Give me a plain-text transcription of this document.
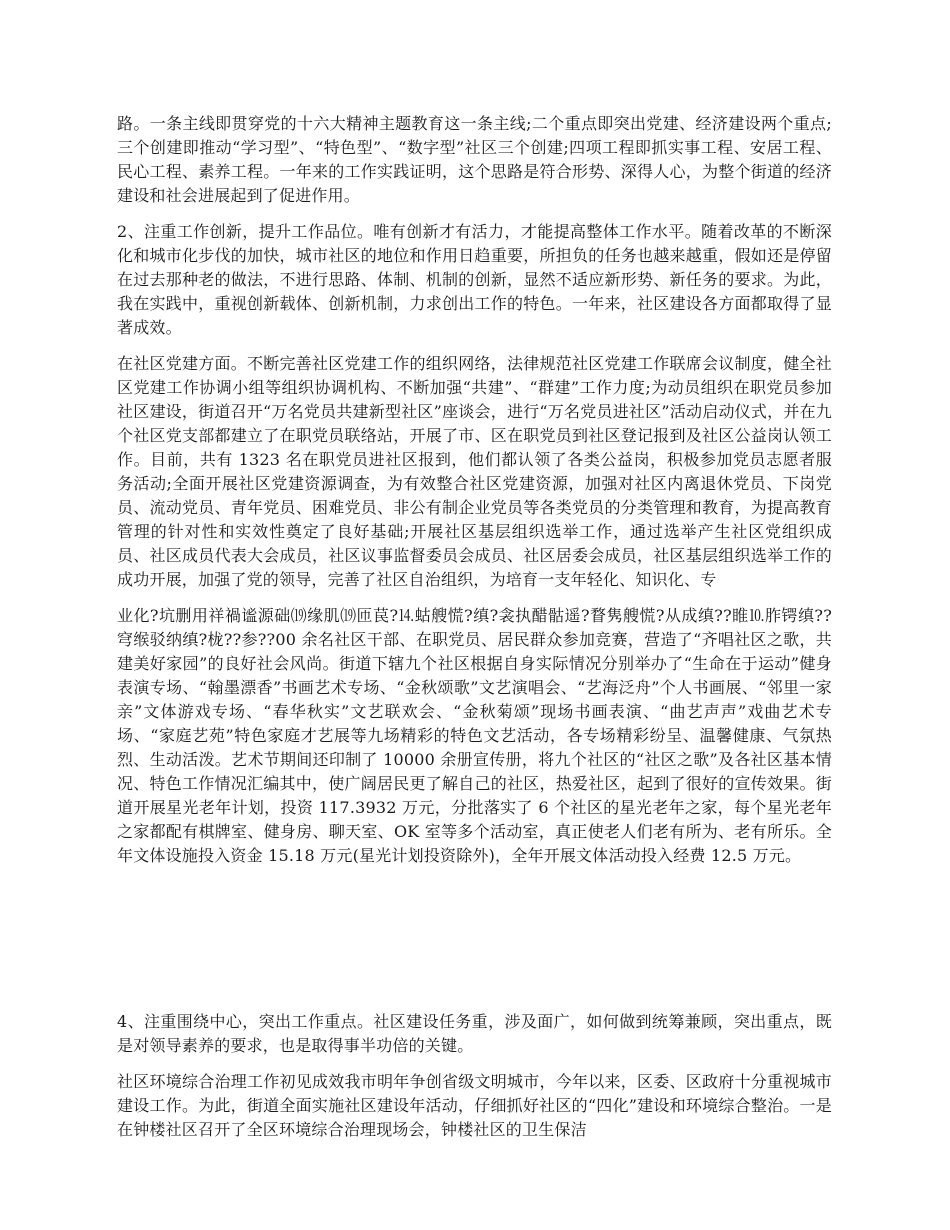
路。一条主线即贯穿党的十六大精神主题教育这一条主线;二个重点即突出党建、经济建设两个重点;三个创建即推动“学习型”、“特色型”、“数字型”社区三个创建;四项工程即抓实事工程、安居工程、民心工程、素养工程。一年来的工作实践证明，这个思路是符合形势、深得人心，为整个街道的经济建设和社会进展起到了促进作用。

2、注重工作创新，提升工作品位。唯有创新才有活力，才能提高整体工作水平。随着改革的不断深化和城市化步伐的加快，城市社区的地位和作用日趋重要，所担负的任务也越来越重，假如还是停留在过去那种老的做法，不进行思路、体制、机制的创新，显然不适应新形势、新任务的要求。为此，我在实践中，重视创新载体、创新机制，力求创出工作的特色。一年来，社区建设各方面都取得了显著成效。

在社区党建方面。不断完善社区党建工作的组织网络，法律规范社区党建工作联席会议制度，健全社区党建工作协调小组等组织协调机构、不断加强“共建”、“群建”工作力度;为动员组织在职党员参加社区建设，街道召开“万名党员共建新型社区”座谈会，进行“万名党员进社区”活动启动仪式，并在九个社区党支部都建立了在职党员联络站，开展了市、区在职党员到社区登记报到及社区公益岗认领工作。目前，共有 1323 名在职党员进社区报到，他们都认领了各类公益岗，积极参加党员志愿者服务活动;全面开展社区党建资源调查，为有效整合社区党建资源，加强对社区内离退休党员、下岗党员、流动党员、青年党员、困难党员、非公有制企业党员等各类党员的分类管理和教育，为提高教育管理的针对性和实效性奠定了良好基础;开展社区基层组织选举工作，通过选举产生社区党组织成员、社区成员代表大会成员，社区议事监督委员会成员、社区居委会成员，社区基层组织选举工作的成功开展，加强了党的领导，完善了社区自治组织，为培育一支年轻化、知识化、专

业化?坑删用祥禍谧源础⒆缘肌⒆匝苠?⒕蛄艘慌?缜?衾执醋骷遥?瞀隽艘慌?从成缜??睢⒑胙锷缜??穹缑驳纳缜?栊??参??00 余名社区干部、在职党员、居民群众参加竞赛，营造了“齐唱社区之歌，共建美好家园”的良好社会风尚。街道下辖九个社区根据自身实际情况分别举办了“生命在于运动”健身表演专场、“翰墨漂香”书画艺术专场、“金秋颂歌”文艺演唱会、“艺海泛舟”个人书画展、“邻里一家亲”文体游戏专场、“春华秋实”文艺联欢会、“金秋菊颂”现场书画表演、“曲艺声声”戏曲艺术专场、“家庭艺苑”特色家庭才艺展等九场精彩的特色文艺活动，各专场精彩纷呈、温馨健康、气氛热烈、生动活泼。艺术节期间还印制了 10000 余册宣传册，将九个社区的“社区之歌”及各社区基本情况、特色工作情况汇编其中，使广阔居民更了解自己的社区，热爱社区，起到了很好的宣传效果。街道开展星光老年计划，投资 117.3932 万元，分批落实了 6 个社区的星光老年之家，每个星光老年之家都配有棋牌室、健身房、聊天室、OK 室等多个活动室，真正使老人们老有所为、老有所乐。全年文体设施投入资金 15.18 万元(星光计划投资除外)，全年开展文体活动投入经费 12.5 万元。

4、注重围绕中心，突出工作重点。社区建设任务重，涉及面广，如何做到统筹兼顾，突出重点，既是对领导素养的要求，也是取得事半功倍的关键。

社区环境综合治理工作初见成效我市明年争创省级文明城市，今年以来，区委、区政府十分重视城市建设工作。为此，街道全面实施社区建设年活动，仔细抓好社区的“四化”建设和环境综合整治。一是在钟楼社区召开了全区环境综合治理现场会，钟楼社区的卫生保洁
